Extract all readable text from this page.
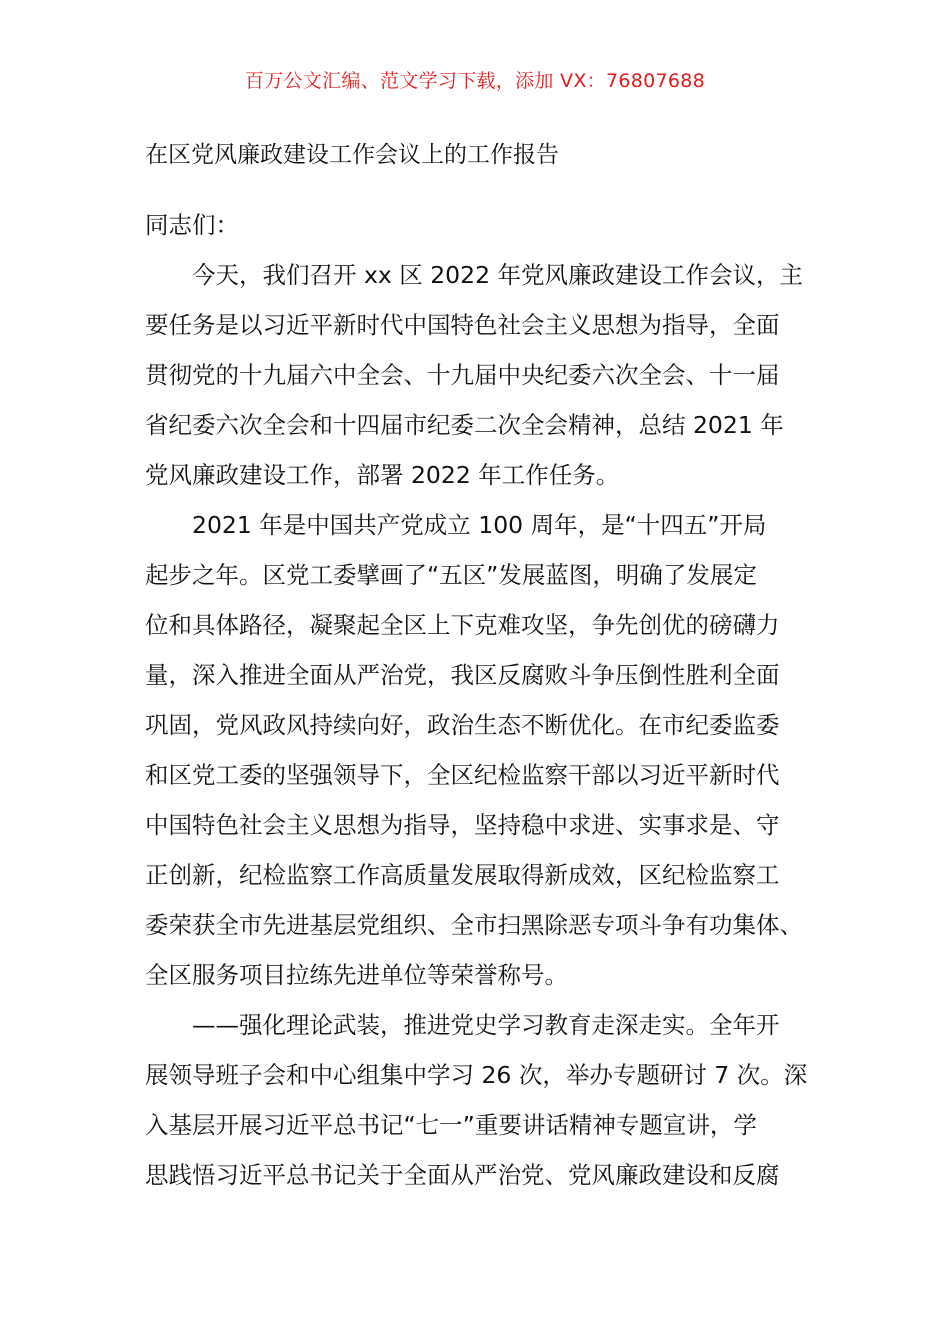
百万公文汇编、范文学习下载，添加 VX：76807688
在区党风廉政建设工作会议上的工作报告
同志们：
今天，我们召开 xx 区 2022 年党风廉政建设工作会议，主
要任务是以习近平新时代中国特色社会主义思想为指导，全面
贯彻党的十九届六中全会、十九届中央纪委六次全会、十一届
省纪委六次全会和十四届市纪委二次全会精神，总结 2021 年
党风廉政建设工作，部署 2022 年工作任务。
2021 年是中国共产党成立 100 周年，是“十四五”开局
起步之年。区党工委擘画了“五区”发展蓝图，明确了发展定
位和具体路径，凝聚起全区上下克难攻坚，争先创优的磅礴力
量，深入推进全面从严治党，我区反腐败斗争压倒性胜利全面
巩固，党风政风持续向好，政治生态不断优化。在市纪委监委
和区党工委的坚强领导下，全区纪检监察干部以习近平新时代
中国特色社会主义思想为指导，坚持稳中求进、实事求是、守
正创新，纪检监察工作高质量发展取得新成效，区纪检监察工
委荣获全市先进基层党组织、全市扫黑除恶专项斗争有功集体、
全区服务项目拉练先进单位等荣誉称号。
——强化理论武装，推进党史学习教育走深走实。全年开
展领导班子会和中心组集中学习 26 次，举办专题研讨 7 次。深
入基层开展习近平总书记“七一”重要讲话精神专题宣讲，学
思践悟习近平总书记关于全面从严治党、党风廉政建设和反腐
